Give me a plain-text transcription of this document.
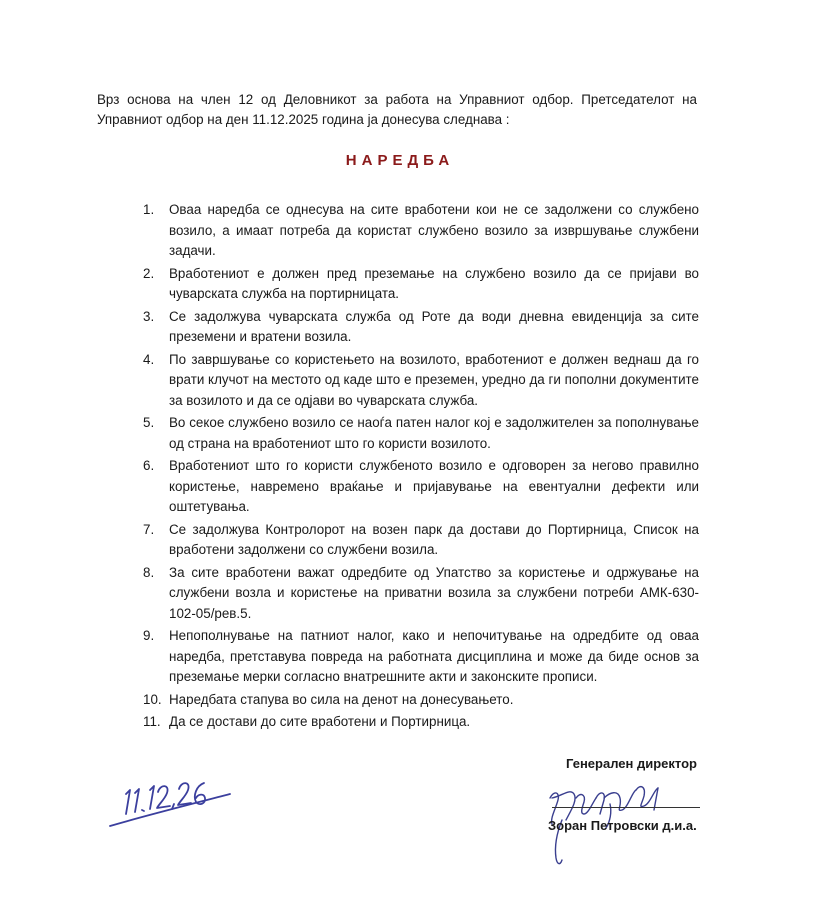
Врз основа на член 12 од Деловникот за работа на Управниот одбор. Претседателот на Управниот одбор на ден 11.12.2025 година ја донесува следнава :
НАРЕДБА
1.	Оваа наредба се однесува на сите вработени кои не се задолжени со службено возило, а имаат потреба да користат службено возило за извршување службени задачи.
2.	Вработениот е должен пред преземање на службено возило да се пријави во чуварската служба на портирницата.
3.	Се задолжува чуварската служба од Роте да води дневна евиденција за сите преземени и вратени возила.
4.	По завршување со користењето на возилото, вработениот е должен веднаш да го врати клучот на местото од каде што е преземен, уредно да ги пополни документите за возилото и да се одјави во чуварската служба.
5.	Во секое службено возило се наоѓа патен налог кој е задолжителен за пополнување од страна на вработениот што го користи возилото.
6.	Вработениот што го користи службеното возило е одговорен за негово правилно користење, навремено враќање и пријавување на евентуални дефекти или оштетувања.
7.	Се задолжува Контролорот на возен парк да достави до Портирница, Список на вработени задолжени со службени возила.
8.	За сите вработени важат одредбите од Упатство за користење и одржување на службени возла и користење на приватни возила за службени потреби АМК-630-102-05/рев.5.
9.	Непополнување на патниот налог, како и непочитување на одредбите од оваа наредба, претставува повреда на работната дисциплина и може да биде основ за преземање мерки согласно внатрешните акти и законските прописи.
10. Наредбата стапува во сила на денот на донесувањето.
11. Да се достави до сите вработени и Портирница.
Генерален директор
Зоран Петровски д.и.а.
